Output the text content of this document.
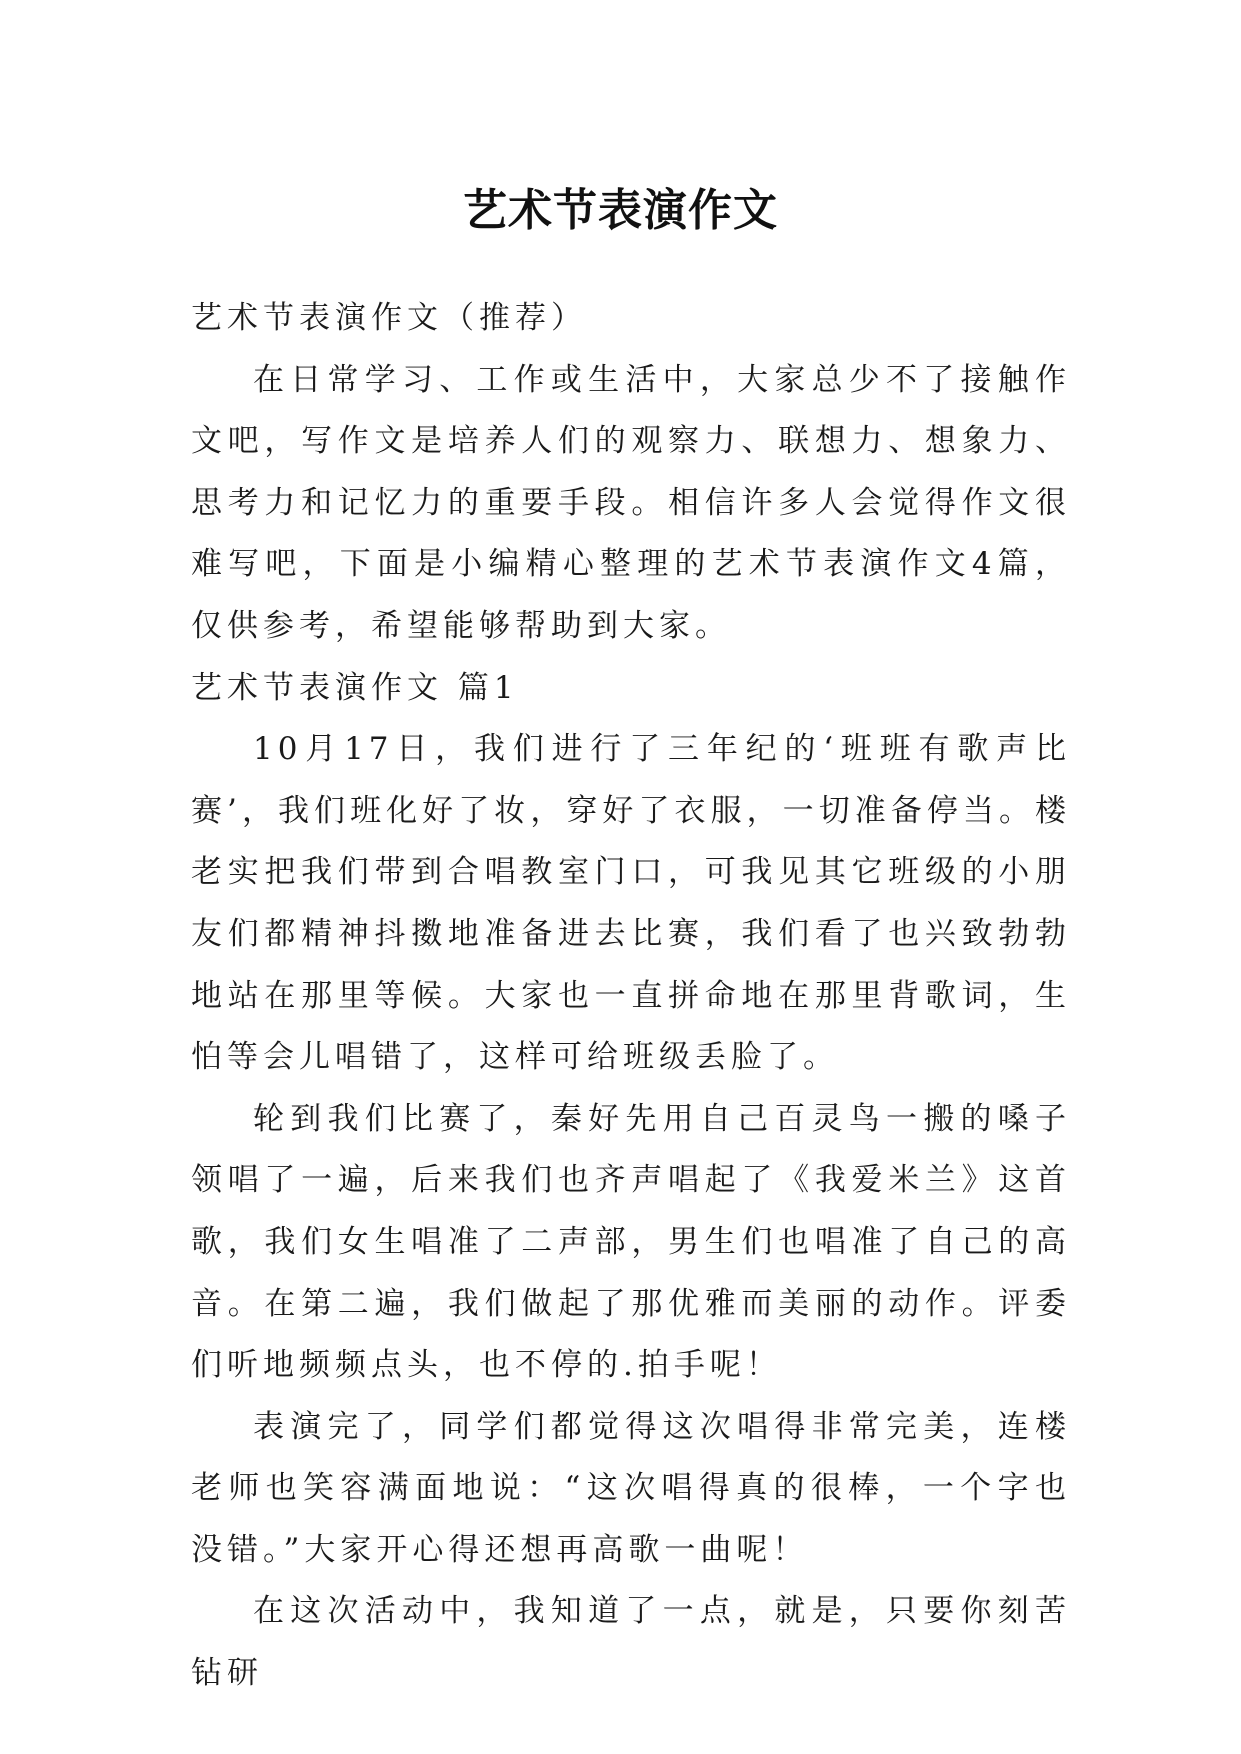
艺术节表演作文

艺术节表演作文（推荐）

在日常学习、工作或生活中，大家总少不了接触作文吧，写作文是培养人们的观察力、联想力、想象力、思考力和记忆力的重要手段。相信许多人会觉得作文很难写吧，下面是小编精心整理的艺术节表演作文4篇，仅供参考，希望能够帮助到大家。

艺术节表演作文 篇1

10月17日，我们进行了三年纪的‘班班有歌声比赛’，我们班化好了妆，穿好了衣服，一切准备停当。楼老实把我们带到合唱教室门口，可我见其它班级的小朋友们都精神抖擞地准备进去比赛，我们看了也兴致勃勃地站在那里等候。大家也一直拼命地在那里背歌词，生怕等会儿唱错了，这样可给班级丢脸了。

轮到我们比赛了，秦好先用自己百灵鸟一搬的嗓子领唱了一遍，后来我们也齐声唱起了《我爱米兰》这首歌，我们女生唱准了二声部，男生们也唱准了自己的高音。在第二遍，我们做起了那优雅而美丽的动作。评委们听地频频点头，也不停的.拍手呢！

表演完了，同学们都觉得这次唱得非常完美，连楼老师也笑容满面地说：“这次唱得真的很棒，一个字也没错。”大家开心得还想再高歌一曲呢！

在这次活动中，我知道了一点，就是，只要你刻苦钻研
